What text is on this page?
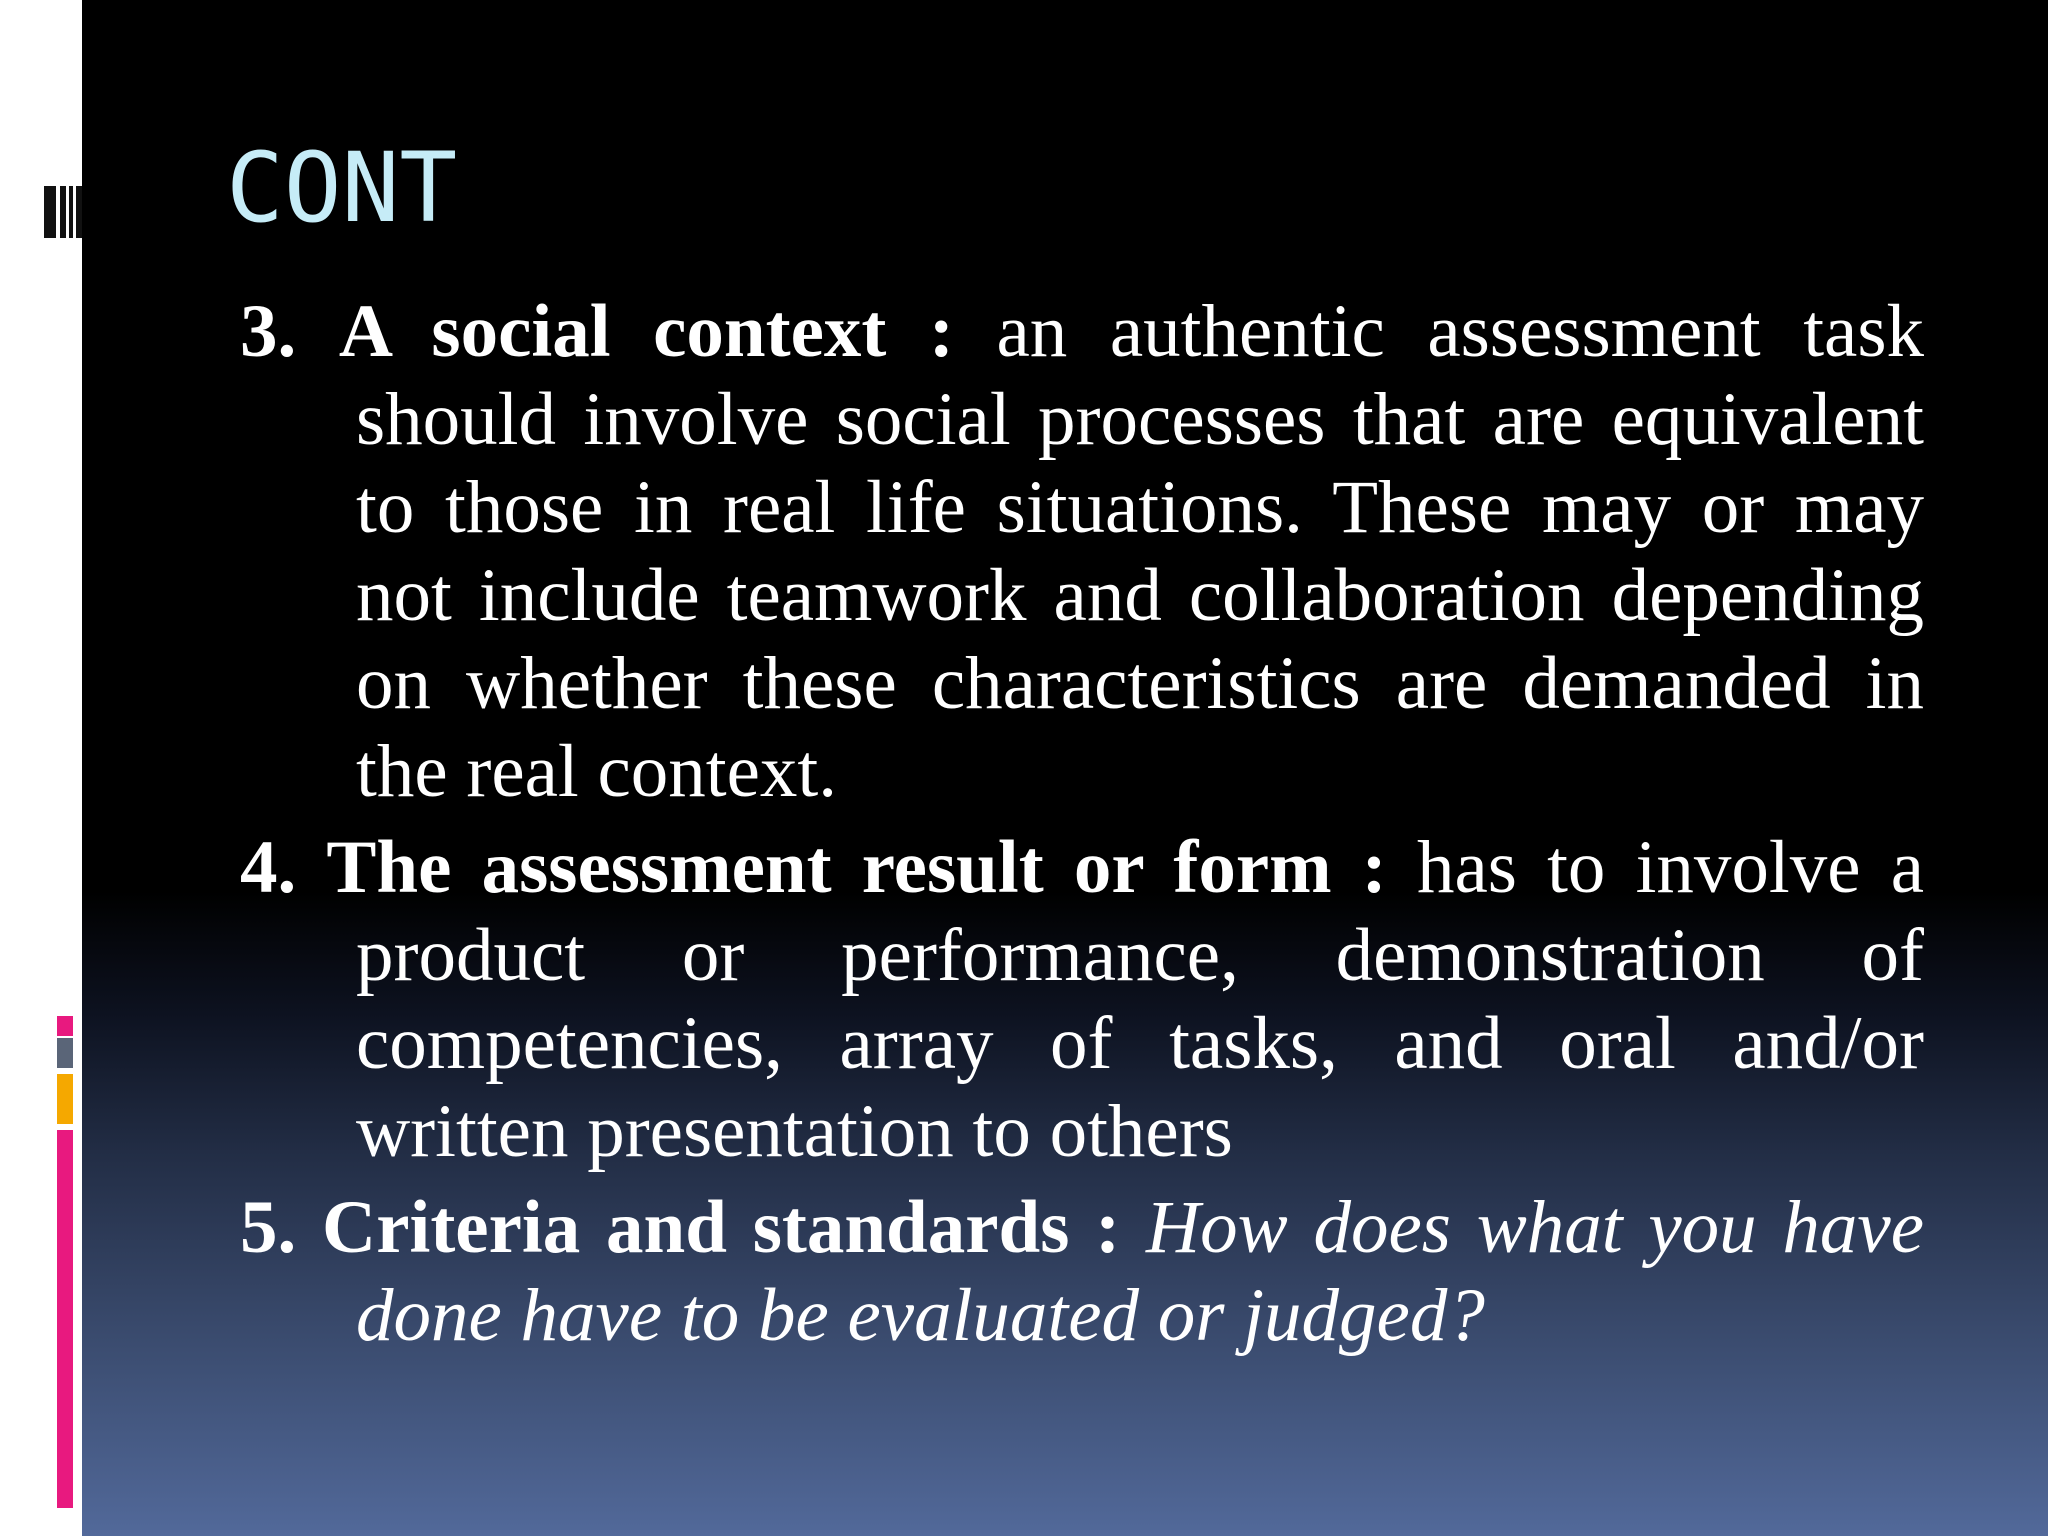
CONT
3. A social context : an authentic assessment task should involve social processes that are equivalent to those in real life situations. These may or may not include teamwork and collaboration depending on whether these characteristics are demanded in the real context.
4. The assessment result or form : has to involve a product or performance, demonstration of competencies, array of tasks, and oral and/or written presentation to others
5. Criteria and standards : How does what you have done have to be evaluated or judged?
